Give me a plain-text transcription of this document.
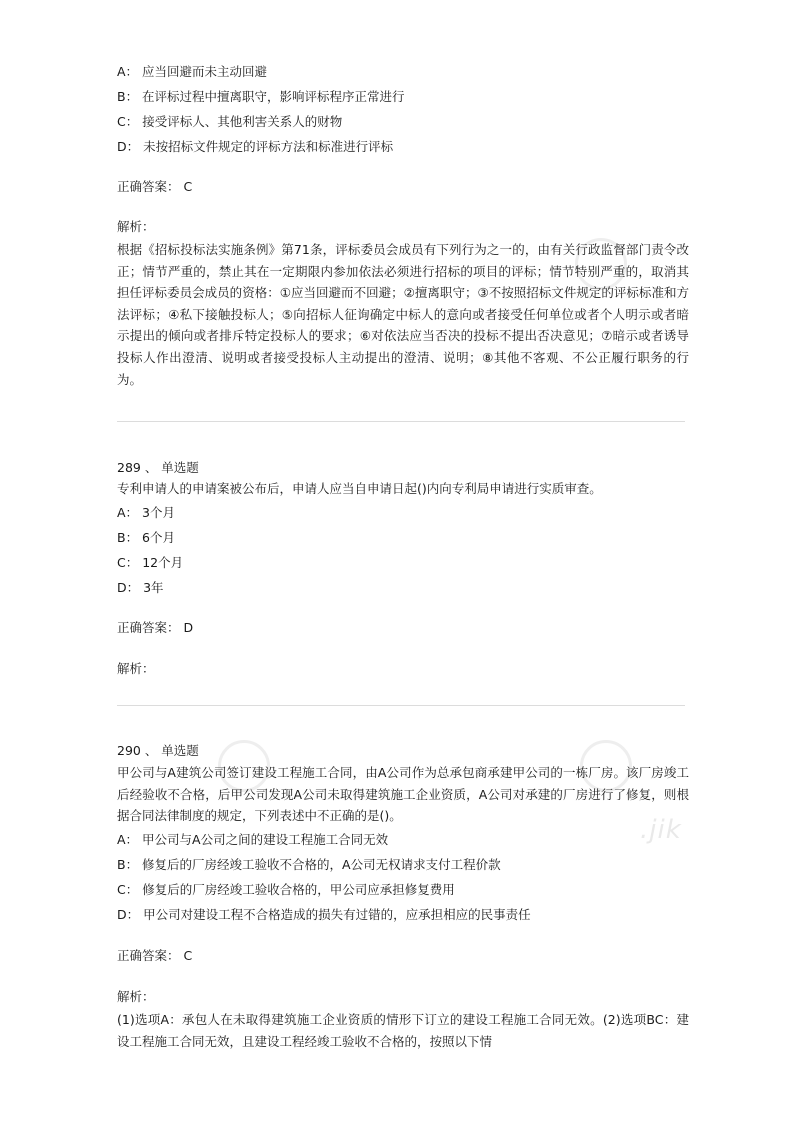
.jik
A： 应当回避而未主动回避
B： 在评标过程中擅离职守，影响评标程序正常进行
C： 接受评标人、其他利害关系人的财物
D： 未按招标文件规定的评标方法和标准进行评标
正确答案： C
解析：
根据《招标投标法实施条例》第71条，评标委员会成员有下列行为之一的，由有关行政监督部门责令改正；情节严重的，禁止其在一定期限内参加依法必须进行招标的项目的评标；情节特别严重的，取消其担任评标委员会成员的资格：①应当回避而不回避；②擅离职守；③不按照招标文件规定的评标标准和方法评标；④私下接触投标人；⑤向招标人征询确定中标人的意向或者接受任何单位或者个人明示或者暗示提出的倾向或者排斥特定投标人的要求；⑥对依法应当否决的投标不提出否决意见；⑦暗示或者诱导投标人作出澄清、说明或者接受投标人主动提出的澄清、说明；⑧其他不客观、不公正履行职务的行为。
289 、 单选题
专利申请人的申请案被公布后，申请人应当自申请日起()内向专利局申请进行实质审查。
A： 3个月
B： 6个月
C： 12个月
D： 3年
正确答案： D
解析：
290 、 单选题
甲公司与A建筑公司签订建设工程施工合同，由A公司作为总承包商承建甲公司的一栋厂房。该厂房竣工后经验收不合格，后甲公司发现A公司未取得建筑施工企业资质，A公司对承建的厂房进行了修复，则根据合同法律制度的规定，下列表述中不正确的是()。
A： 甲公司与A公司之间的建设工程施工合同无效
B： 修复后的厂房经竣工验收不合格的，A公司无权请求支付工程价款
C： 修复后的厂房经竣工验收合格的，甲公司应承担修复费用
D： 甲公司对建设工程不合格造成的损失有过错的，应承担相应的民事责任
正确答案： C
解析：
(1)选项A：承包人在未取得建筑施工企业资质的情形下订立的建设工程施工合同无效。(2)选项BC：建设工程施工合同无效，且建设工程经竣工验收不合格的，按照以下情
